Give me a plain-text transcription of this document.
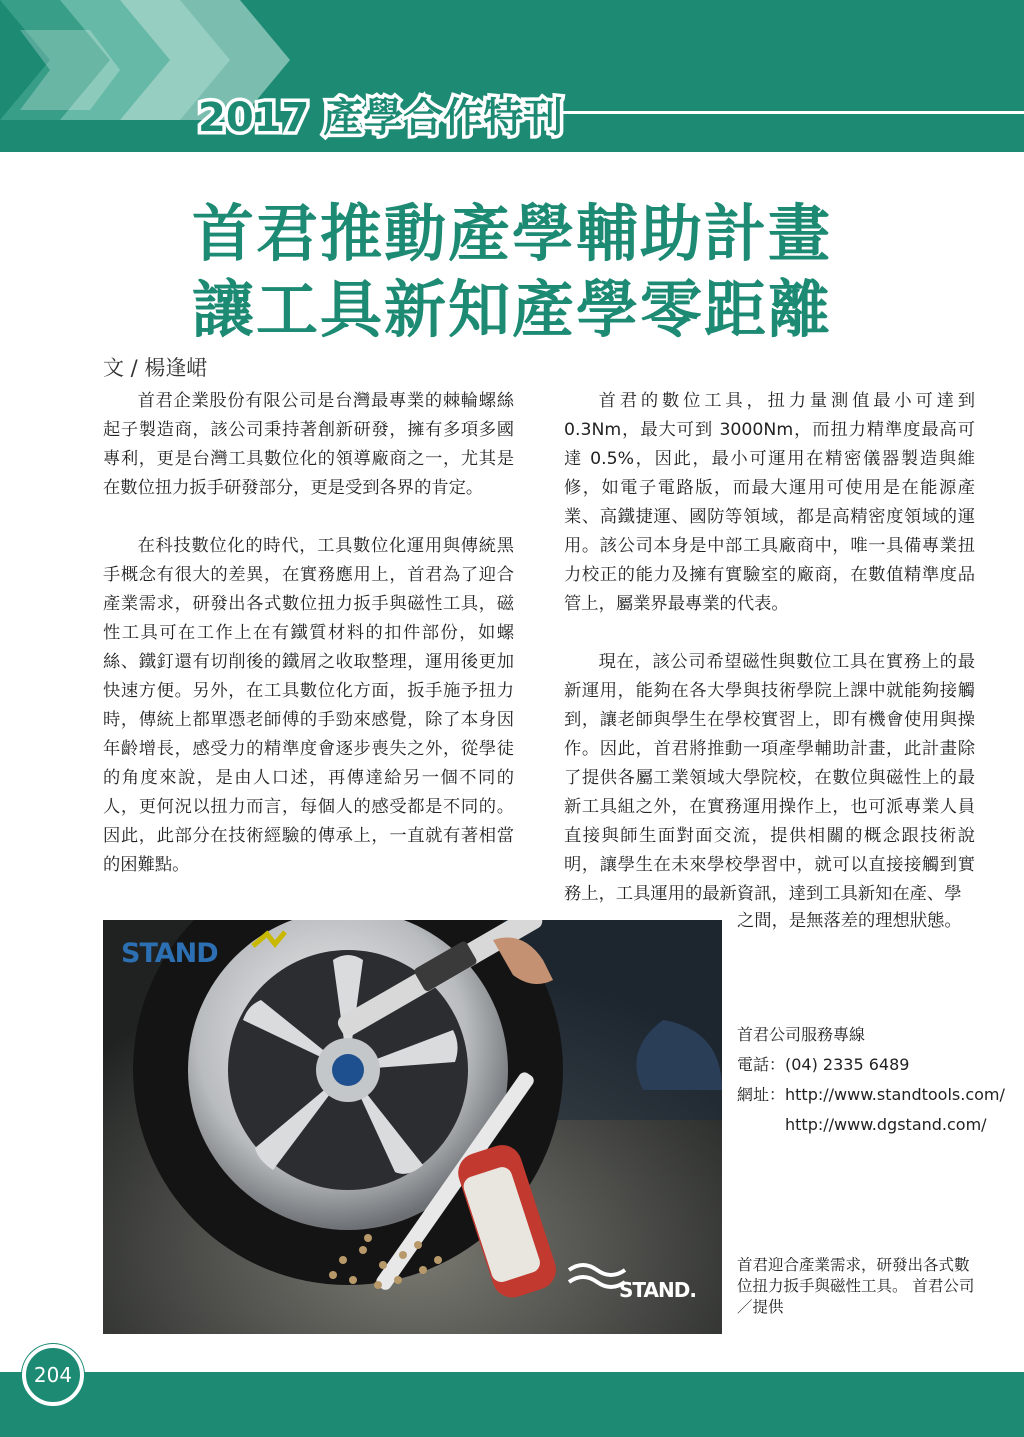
2017 產學合作特刊
首君推動產學輔助計畫
讓工具新知產學零距離
文 / 楊逢峮

首君企業股份有限公司是台灣最專業的棘輪螺絲起子製造商，該公司秉持著創新研發，擁有多項多國專利，更是台灣工具數位化的領導廠商之一，尤其是在數位扭力扳手研發部分，更是受到各界的肯定。

在科技數位化的時代，工具數位化運用與傳統黑手概念有很大的差異，在實務應用上，首君為了迎合產業需求，研發出各式數位扭力扳手與磁性工具，磁性工具可在工作上在有鐵質材料的扣件部份，如螺絲、鐵釘還有切削後的鐵屑之收取整理，運用後更加快速方便。另外，在工具數位化方面，扳手施予扭力時，傳統上都單憑老師傅的手勁來感覺，除了本身因年齡增長，感受力的精準度會逐步喪失之外，從學徒的角度來說，是由人口述，再傳達給另一個不同的人，更何況以扭力而言，每個人的感受都是不同的。因此，此部分在技術經驗的傳承上，一直就有著相當的困難點。

首君的數位工具，扭力量測值最小可達到0.3Nm，最大可到 3000Nm，而扭力精準度最高可達 0.5%，因此，最小可運用在精密儀器製造與維修，如電子電路版，而最大運用可使用是在能源產業、高鐵捷運、國防等領域，都是高精密度領域的運用。該公司本身是中部工具廠商中，唯一具備專業扭力校正的能力及擁有實驗室的廠商，在數值精準度品管上，屬業界最專業的代表。

現在，該公司希望磁性與數位工具在實務上的最新運用，能夠在各大學與技術學院上課中就能夠接觸到，讓老師與學生在學校實習上，即有機會使用與操作。因此，首君將推動一項產學輔助計畫，此計畫除了提供各屬工業領域大學院校，在數位與磁性上的最新工具組之外，在實務運用操作上，也可派專業人員直接與師生面對面交流，提供相關的概念跟技術說明，讓學生在未來學校學習中，就可以直接接觸到實務上，工具運用的最新資訊，達到工具新知在產、學

之間，是無落差的理想狀態。
STAND
STAND.
首君公司服務專線
電話：(04) 2335 6489
網址：http://www.standtools.com/
http://www.dgstand.com/
首君迎合產業需求，研發出各式數位扭力扳手與磁性工具。 首君公司／提供
204
